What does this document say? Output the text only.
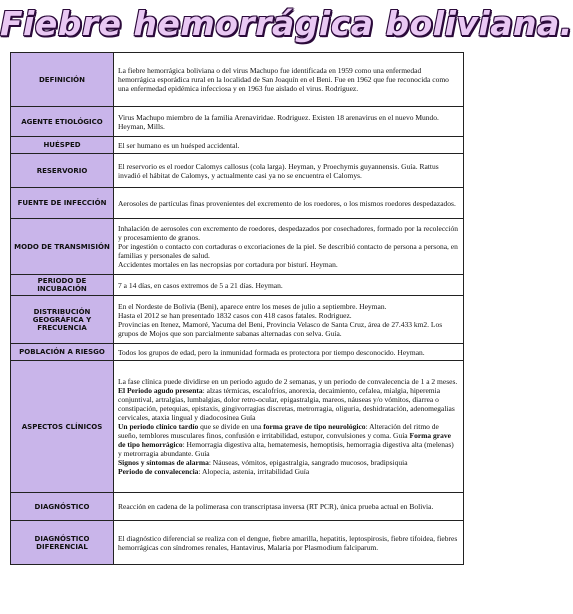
Fiebre hemorrágica boliviana.
DEFINICIÓN	La fiebre hemorrágica boliviana o del virus Machupo fue identificada en 1959 como una enfermedad hemorrágica esporádica rural en la localidad de San Joaquín en el Beni. Fue en 1962 que fue reconocida como una enfermedad epidémica infecciosa y en 1963 fue aislado el virus. Rodríguez.
AGENTE ETIOLÓGICO	Virus Machupo miembro de la familia Arenaviridae. Rodriguez. Existen 18 arenavirus en el nuevo Mundo. Heyman, Mills.
HUÉSPED	El ser humano es un huésped accidental.
RESERVORIO	El reservorio es el roedor Calomys callosus (cola larga). Heyman, y Proechymis guyannensis. Guía. Rattus invadió el hábitat de Calomys, y actualmente casi ya no se encuentra el Calomys.
FUENTE DE INFECCIÓN	Aerosoles de partículas finas provenientes del excremento de los roedores, o los mismos roedores despedazados.
MODO DE TRANSMISIÓN	Inhalación de aerosoles con excremento de roedores, despedazados por cosechadores, formado por la recolección y procesamiento de granos.

Por ingestión o contacto con cortaduras o excoriaciones de la piel. Se describió contacto de persona a persona, en familias y personales de salud.

Accidentes mortales en las necropsias por cortadura por bisturí. Heyman.

PERIODO DE INCUBACIÓN	7 a 14 días, en casos extremos de 5 a 21 días. Heyman.
DISTRIBUCIÓN GEOGRÁFICA Y FRECUENCIA	En el Nordeste de Bolivia (Beni), aparece entre los meses de julio a septiembre. Heyman.

Hasta el 2012 se han presentado 1832 casos con 418 casos fatales. Rodriguez.

Provincias en Itenez, Mamoré, Yacuma del Beni, Provincia Velasco de Santa Cruz, área de 27.433 km2. Los grupos de Mojos que son parcialmente sabanas alternadas con selva. Guía.

POBLACIÓN A RIESGO	Todos los grupos de edad, pero la inmunidad formada es protectora por tiempo desconocido. Heyman.
ASPECTOS CLÍNICOS	La fase clínica puede dividirse en un periodo agudo de 2 semanas, y un periodo de convalecencia de 1 a 2 meses.

El Periodo agudo presenta: alzas térmicas, escalofríos, anorexia, decaimiento, cefalea, mialgia, hiperemia conjuntival, artralgias, lumbalgias, dolor retro-ocular, epigastralgia, mareos, náuseas y/o vómitos, diarrea o constipación, petequias, epistaxis, gingivorragias discretas, metrorragia, oliguria, deshidratación, adenomegalias cervicales, ataxia lingual y diadocosinea Guía

Un periodo clínico tardío que se divide en una forma grave de tipo neurológico: Alteración del ritmo de sueño, temblores musculares finos, confusión e irritabilidad, estupor, convulsiones y coma. Guía Forma grave de tipo hemorrágico: Hemorragia digestiva alta, hematemesis, hemoptisis, hemorragia digestiva alta (melenas) y metrorragia abundante. Guía

Signos y síntomas de alarma: Náuseas, vómitos, epigastralgia, sangrado mucosos, bradipsiquia

Periodo de convalecencia: Alopecia, astenia, irritabilidad Guía

DIAGNÓSTICO	Reacción en cadena de la polimerasa con transcriptasa inversa (RT PCR), única prueba actual en Bolivia.
DIAGNÓSTICO DIFERENCIAL	El diagnóstico diferencial se realiza con el dengue, fiebre amarilla, hepatitis, leptospirosis, fiebre tifoidea, fiebres hemorrágicas con síndromes renales, Hantavirus, Malaria por Plasmodium falciparum.
